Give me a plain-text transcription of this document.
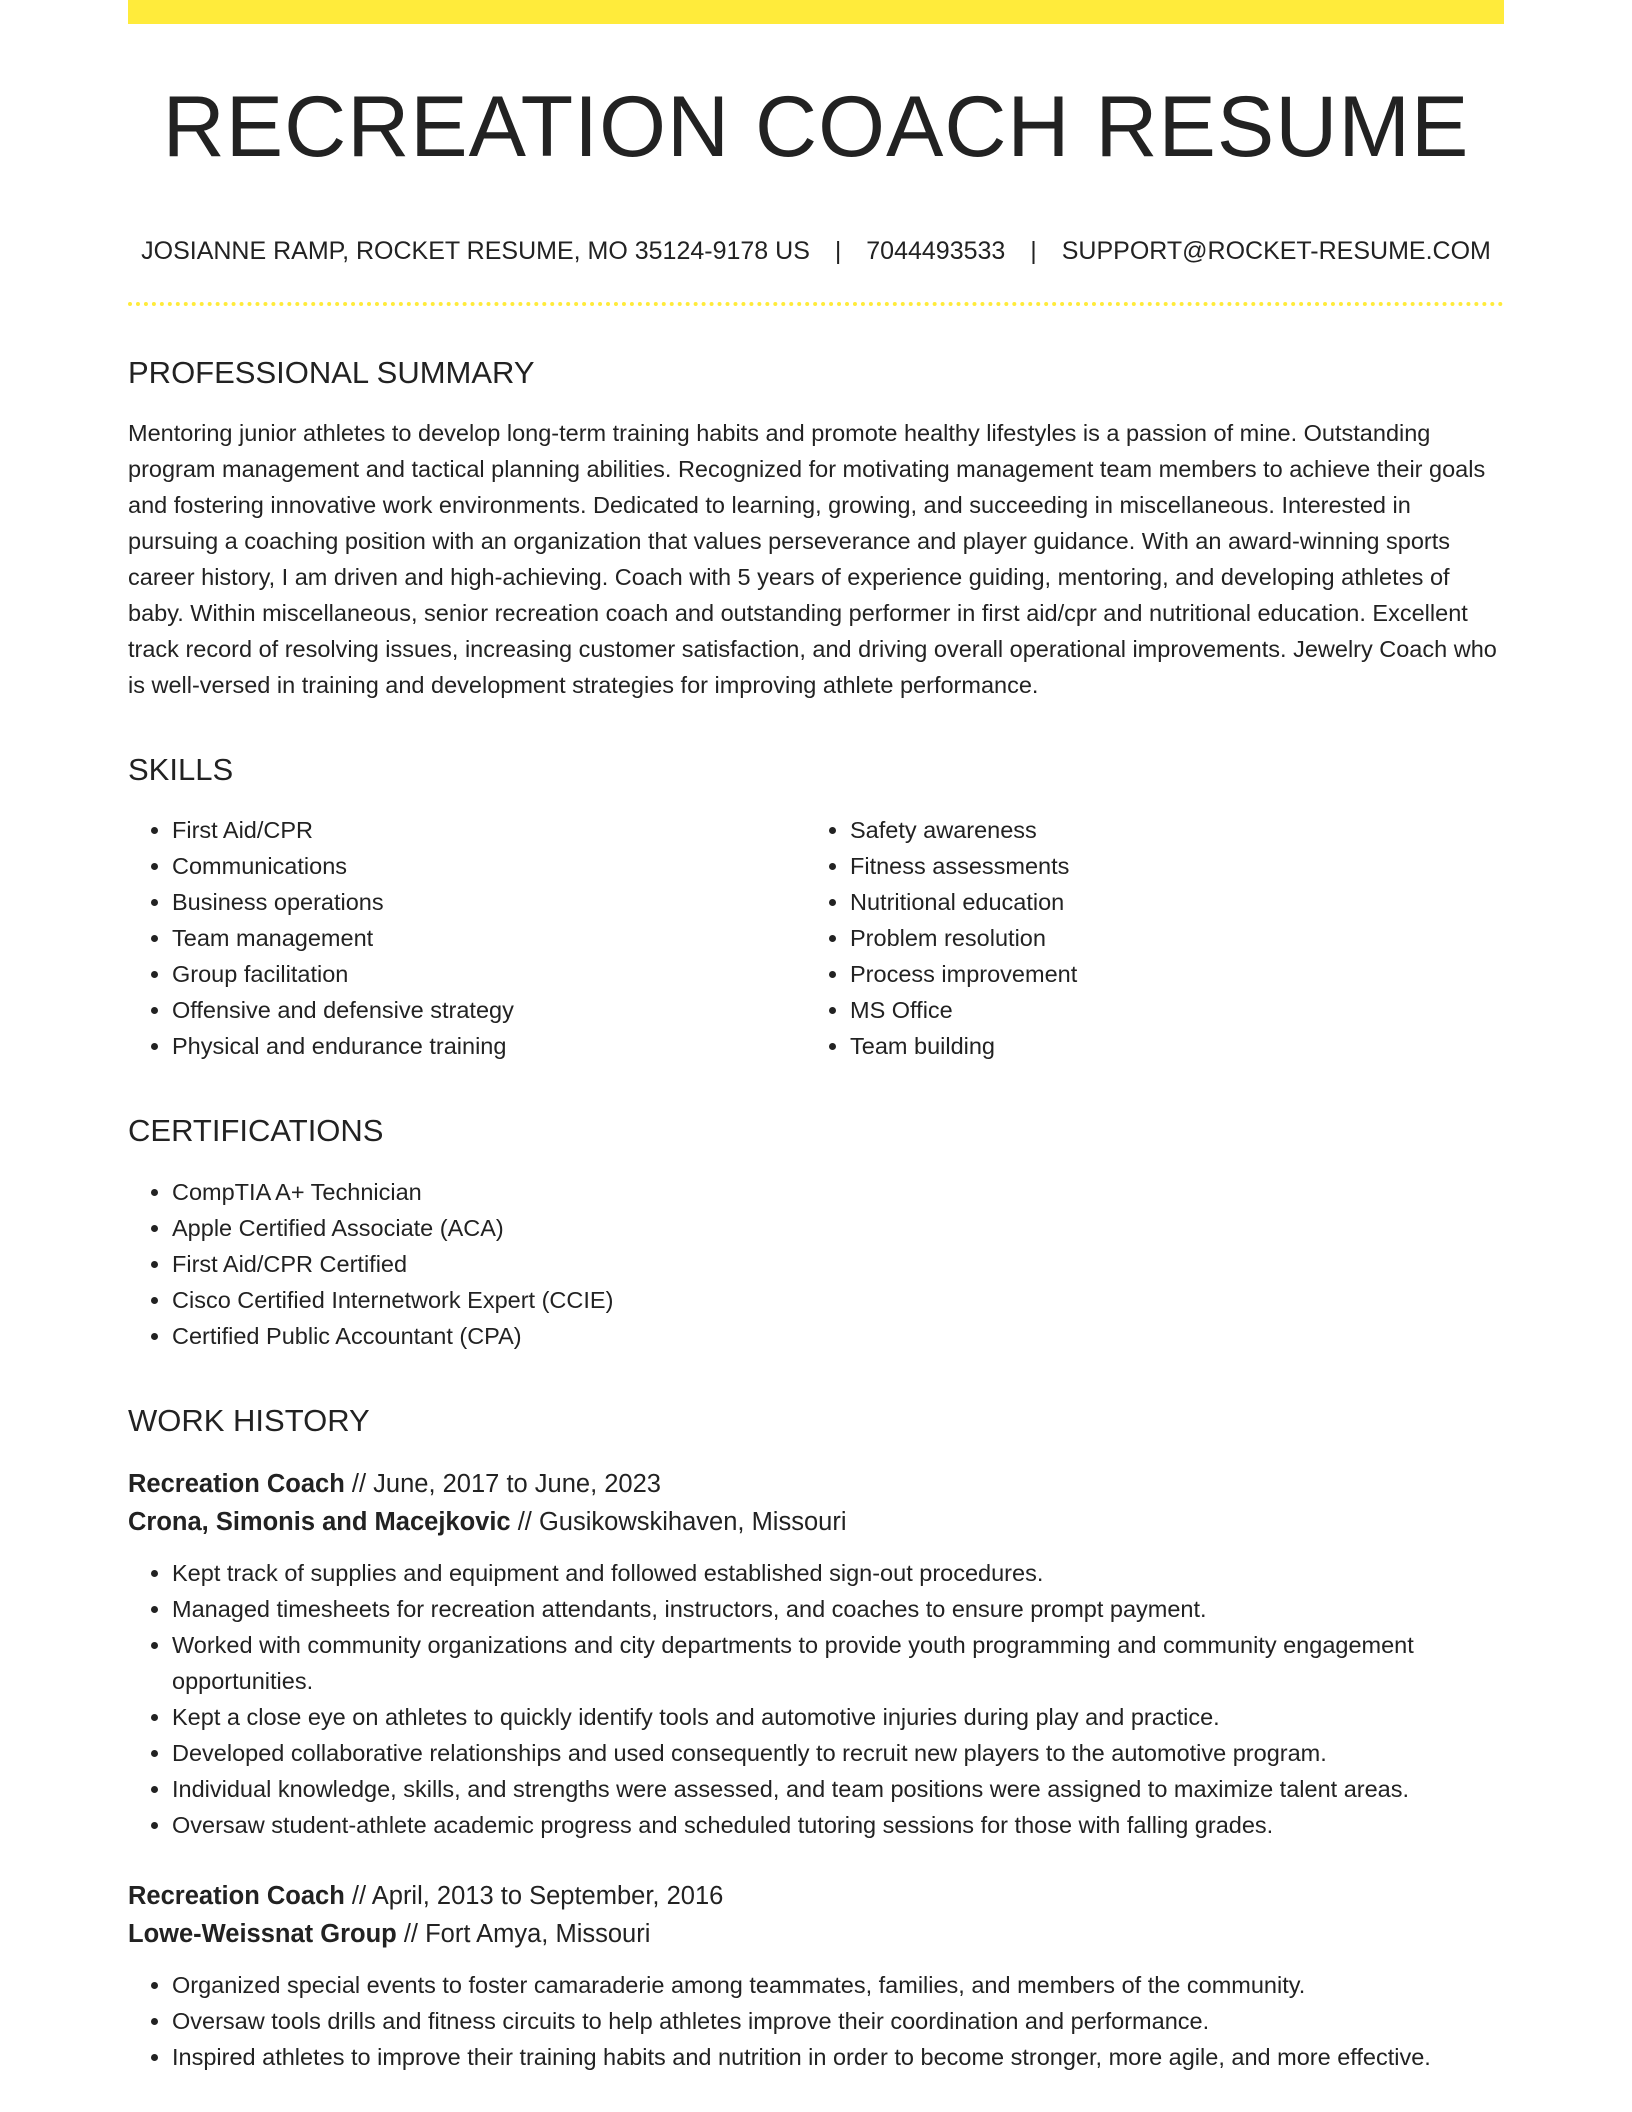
RECREATION COACH RESUME
JOSIANNE RAMP, ROCKET RESUME, MO 35124-9178 US | 7044493533 | SUPPORT@ROCKET-RESUME.COM
PROFESSIONAL SUMMARY

Mentoring junior athletes to develop long-term training habits and promote healthy lifestyles is a passion of mine. Outstanding program management and tactical planning abilities. Recognized for motivating management team members to achieve their goals and fostering innovative work environments. Dedicated to learning, growing, and succeeding in miscellaneous. Interested in pursuing a coaching position with an organization that values perseverance and player guidance. With an award-winning sports career history, I am driven and high-achieving. Coach with 5 years of experience guiding, mentoring, and developing athletes of baby. Within miscellaneous, senior recreation coach and outstanding performer in first aid/cpr and nutritional education. Excellent track record of resolving issues, increasing customer satisfaction, and driving overall operational improvements. Jewelry Coach who is well-versed in training and development strategies for improving athlete performance.

SKILLS
• First Aid/CPR
• Communications
• Business operations
• Team management
• Group facilitation
• Offensive and defensive strategy
• Physical and endurance training
• Safety awareness
• Fitness assessments
• Nutritional education
• Problem resolution
• Process improvement
• MS Office
• Team building
CERTIFICATIONS
• CompTIA A+ Technician
• Apple Certified Associate (ACA)
• First Aid/CPR Certified
• Cisco Certified Internetwork Expert (CCIE)
• Certified Public Accountant (CPA)
WORK HISTORY

Recreation Coach // June, 2017 to June, 2023

Crona, Simonis and Macejkovic // Gusikowskihaven, Missouri

• Kept track of supplies and equipment and followed established sign-out procedures.
• Managed timesheets for recreation attendants, instructors, and coaches to ensure prompt payment.
• Worked with community organizations and city departments to provide youth programming and community engagement opportunities.
• Kept a close eye on athletes to quickly identify tools and automotive injuries during play and practice.
• Developed collaborative relationships and used consequently to recruit new players to the automotive program.
• Individual knowledge, skills, and strengths were assessed, and team positions were assigned to maximize talent areas.
• Oversaw student-athlete academic progress and scheduled tutoring sessions for those with falling grades.

Recreation Coach // April, 2013 to September, 2016

Lowe-Weissnat Group // Fort Amya, Missouri

• Organized special events to foster camaraderie among teammates, families, and members of the community.
• Oversaw tools drills and fitness circuits to help athletes improve their coordination and performance.
• Inspired athletes to improve their training habits and nutrition in order to become stronger, more agile, and more effective.
